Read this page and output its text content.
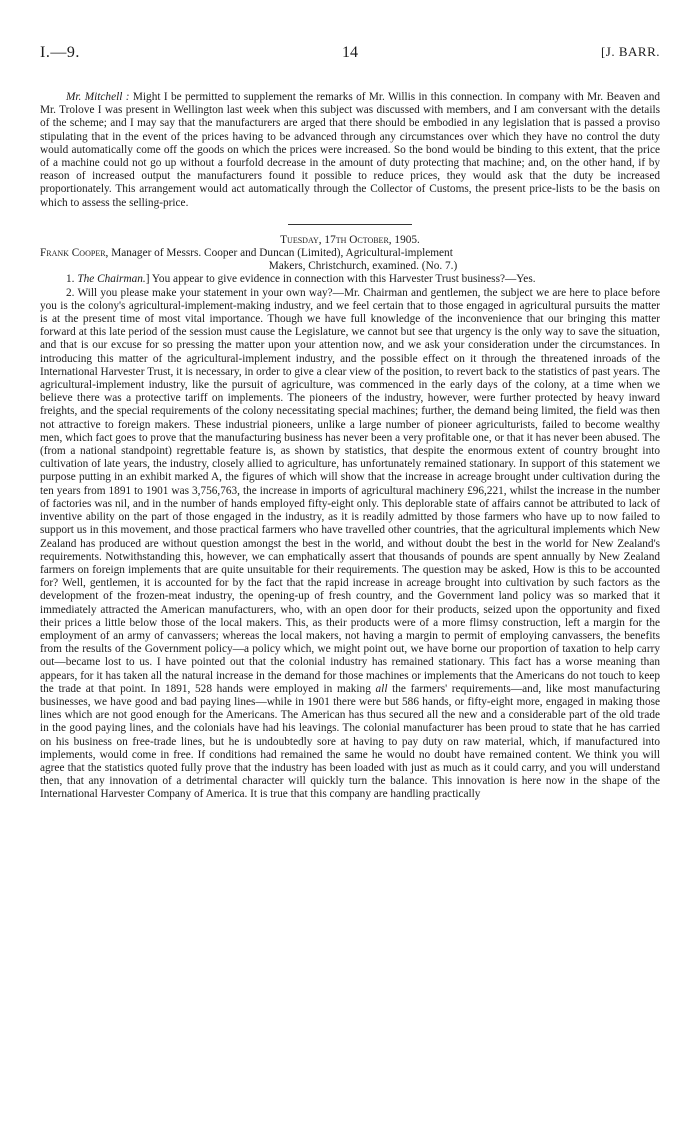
I.—9.	14	[J. BARR.

Mr. Mitchell : Might I be permitted to supplement the remarks of Mr. Willis in this connection. In company with Mr. Beaven and Mr. Trolove I was present in Wellington last week when this subject was discussed with members, and I am conversant with the details of the scheme; and I may say that the manufacturers are arged that there should be embodied in any legislation that is passed a proviso stipulating that in the event of the prices having to be advanced through any circumstances over which they have no control the duty would automatically come off the goods on which the prices were increased. So the bond would be binding to this extent, that the price of a machine could not go up without a fourfold decrease in the amount of duty protecting that machine; and, on the other hand, if by reason of increased output the manufacturers found it possible to reduce prices, they would ask that the duty be increased proportionately. This arrangement would act automatically through the Collector of Customs, the present price-lists to be the basis on which to assess the selling-price.

Tuesday, 17th October, 1905.

Frank Cooper, Manager of Messrs. Cooper and Duncan (Limited), Agricultural-implement
Makers, Christchurch, examined. (No. 7.)

1. The Chairman.] You appear to give evidence in connection with this Harvester Trust business?—Yes.

2. Will you please make your statement in your own way?—Mr. Chairman and gentlemen, the subject we are here to place before you is the colony's agricultural-implement-making industry, and we feel certain that to those engaged in agricultural pursuits the matter is at the present time of most vital importance. Though we have full knowledge of the inconvenience that our bringing this matter forward at this late period of the session must cause the Legislature, we cannot but see that urgency is the only way to save the situation, and that is our excuse for so pressing the matter upon your attention now, and we ask your consideration under the circumstances. In introducing this matter of the agricultural-implement industry, and the possible effect on it through the threatened inroads of the International Harvester Trust, it is necessary, in order to give a clear view of the position, to revert back to the statistics of past years. The agricultural-implement industry, like the pursuit of agriculture, was commenced in the early days of the colony, at a time when we believe there was a protective tariff on implements. The pioneers of the industry, however, were further protected by heavy inward freights, and the special requirements of the colony necessitating special machines; further, the demand being limited, the field was then not attractive to foreign makers. These industrial pioneers, unlike a large number of pioneer agriculturists, failed to become wealthy men, which fact goes to prove that the manufacturing business has never been a very profitable one, or that it has never been abused. The (from a national standpoint) regrettable feature is, as shown by statistics, that despite the enormous extent of country brought into cultivation of late years, the industry, closely allied to agriculture, has unfortunately remained stationary. In support of this statement we purpose putting in an exhibit marked A, the figures of which will show that the increase in acreage brought under cultivation during the ten years from 1891 to 1901 was 3,756,763, the increase in imports of agricultural machinery £96,221, whilst the increase in the number of factories was nil, and in the number of hands employed fifty-eight only. This deplorable state of affairs cannot be attributed to lack of inventive ability on the part of those engaged in the industry, as it is readily admitted by those farmers who have up to now failed to support us in this movement, and those practical farmers who have travelled other countries, that the agricultural implements which New Zealand has produced are without question amongst the best in the world, and without doubt the best in the world for New Zealand's requirements. Notwithstanding this, however, we can emphatically assert that thousands of pounds are spent annually by New Zealand farmers on foreign implements that are quite unsuitable for their requirements. The question may be asked, How is this to be accounted for? Well, gentlemen, it is accounted for by the fact that the rapid increase in acreage brought into cultivation by such factors as the development of the frozen-meat industry, the opening-up of fresh country, and the Government land policy was so marked that it immediately attracted the American manufacturers, who, with an open door for their products, seized upon the opportunity and fixed their prices a little below those of the local makers. This, as their products were of a more flimsy construction, left a margin for the employment of an army of canvassers; whereas the local makers, not having a margin to permit of employing canvassers, the benefits from the results of the Government policy—a policy which, we might point out, we have borne our proportion of taxation to help carry out—became lost to us. I have pointed out that the colonial industry has remained stationary. This fact has a worse meaning than appears, for it has taken all the natural increase in the demand for those machines or implements that the Americans do not touch to keep the trade at that point. In 1891, 528 hands were employed in making all the farmers' requirements—and, like most manufacturing businesses, we have good and bad paying lines—while in 1901 there were but 586 hands, or fifty-eight more, engaged in making those lines which are not good enough for the Americans. The American has thus secured all the new and a considerable part of the old trade in the good paying lines, and the colonials have had his leavings. The colonial manufacturer has been proud to state that he has carried on his business on free-trade lines, but he is undoubtedly sore at having to pay duty on raw material, which, if manufactured into implements, would come in free. If conditions had remained the same he would no doubt have remained content. We think you will agree that the statistics quoted fully prove that the industry has been loaded with just as much as it could carry, and you will understand then, that any innovation of a detrimental character will quickly turn the balance. This innovation is here now in the shape of the International Harvester Company of America. It is true that this company are handling practically
